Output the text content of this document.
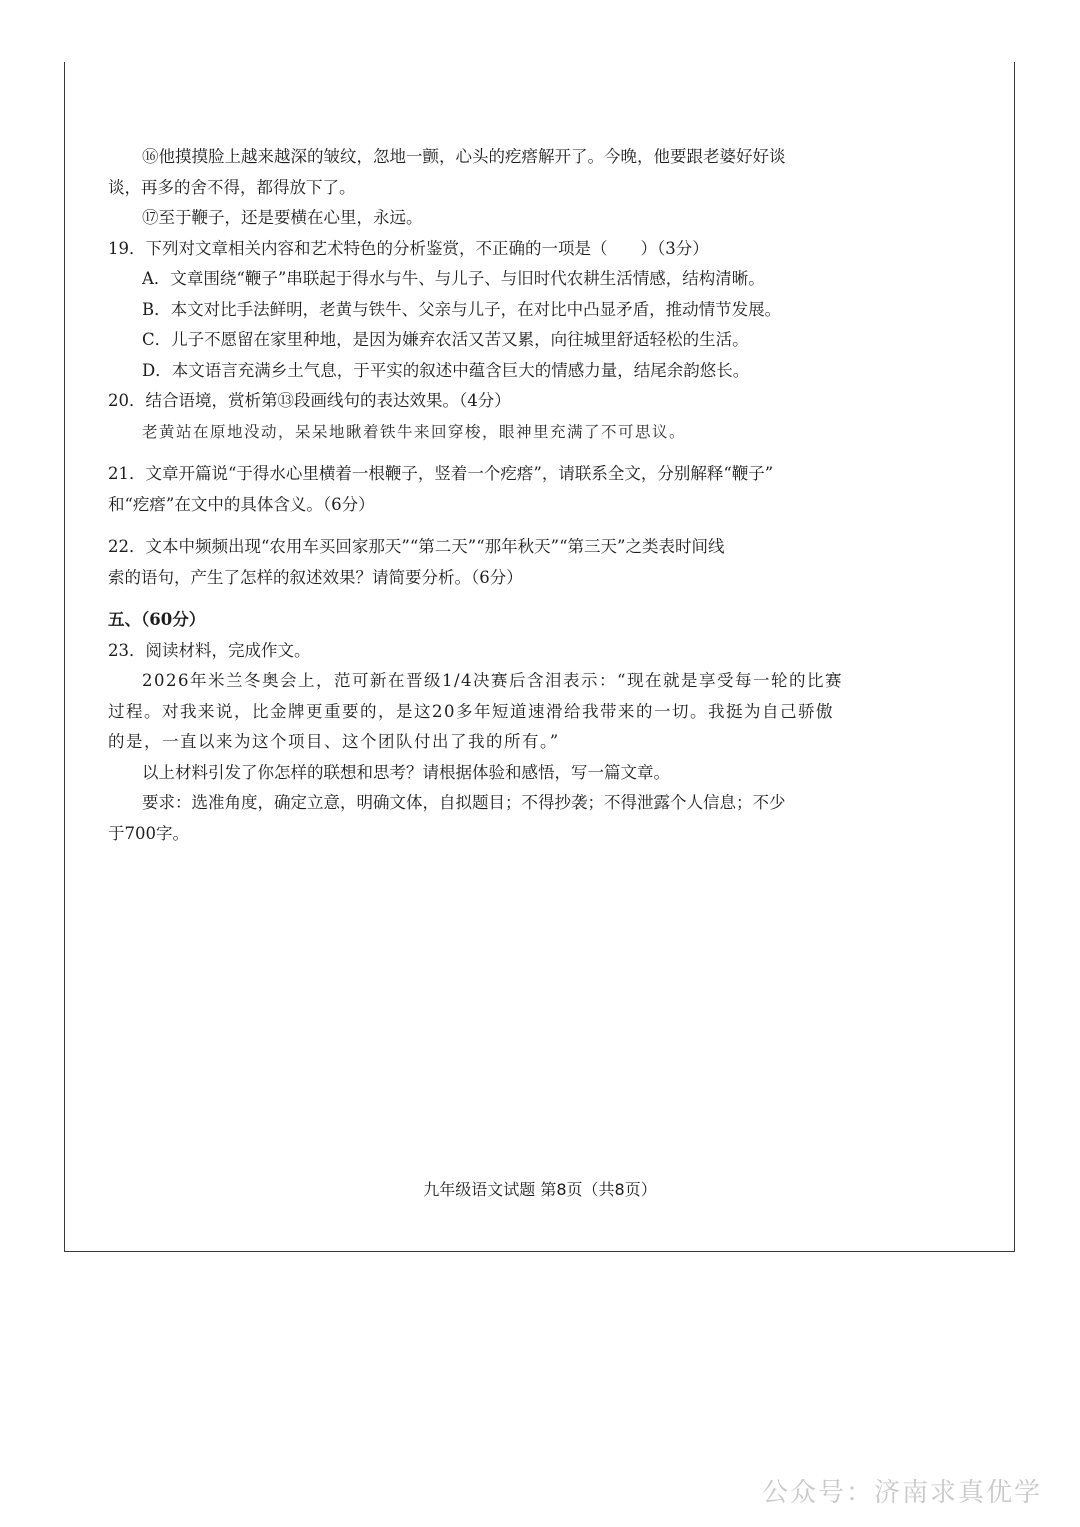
⑯他摸摸脸上越来越深的皱纹，忽地一颤，心头的疙瘩解开了。今晚，他要跟老婆好好谈

谈，再多的舍不得，都得放下了。

⑰至于鞭子，还是要横在心里，永远。

19．下列对文章相关内容和艺术特色的分析鉴赏，不正确的一项是（　　）（3分）

A．文章围绕“鞭子”串联起于得水与牛、与儿子、与旧时代农耕生活情感，结构清晰。

B．本文对比手法鲜明，老黄与铁牛、父亲与儿子，在对比中凸显矛盾，推动情节发展。

C．儿子不愿留在家里种地，是因为嫌弃农活又苦又累，向往城里舒适轻松的生活。

D．本文语言充满乡土气息，于平实的叙述中蕴含巨大的情感力量，结尾余韵悠长。

20．结合语境，赏析第⑬段画线句的表达效果。（4分）

老黄站在原地没动，呆呆地瞅着铁牛来回穿梭，眼神里充满了不可思议。

21．文章开篇说“于得水心里横着一根鞭子，竖着一个疙瘩”，请联系全文，分别解释“鞭子”

和“疙瘩”在文中的具体含义。（6分）

22．文本中频频出现“农用车买回家那天”“第二天”“那年秋天”“第三天”之类表时间线

索的语句，产生了怎样的叙述效果？请简要分析。（6分）

五、（60分）

23．阅读材料，完成作文。

2026年米兰冬奥会上，范可新在晋级1/4决赛后含泪表示：“现在就是享受每一轮的比赛

过程。对我来说，比金牌更重要的，是这20多年短道速滑给我带来的一切。我挺为自己骄傲

的是，一直以来为这个项目、这个团队付出了我的所有。”

以上材料引发了你怎样的联想和思考？请根据体验和感悟，写一篇文章。

要求：选准角度，确定立意，明确文体，自拟题目；不得抄袭；不得泄露个人信息；不少

于700字。

九年级语文试题 第8页（共8页）
公众号：济南求真优学
